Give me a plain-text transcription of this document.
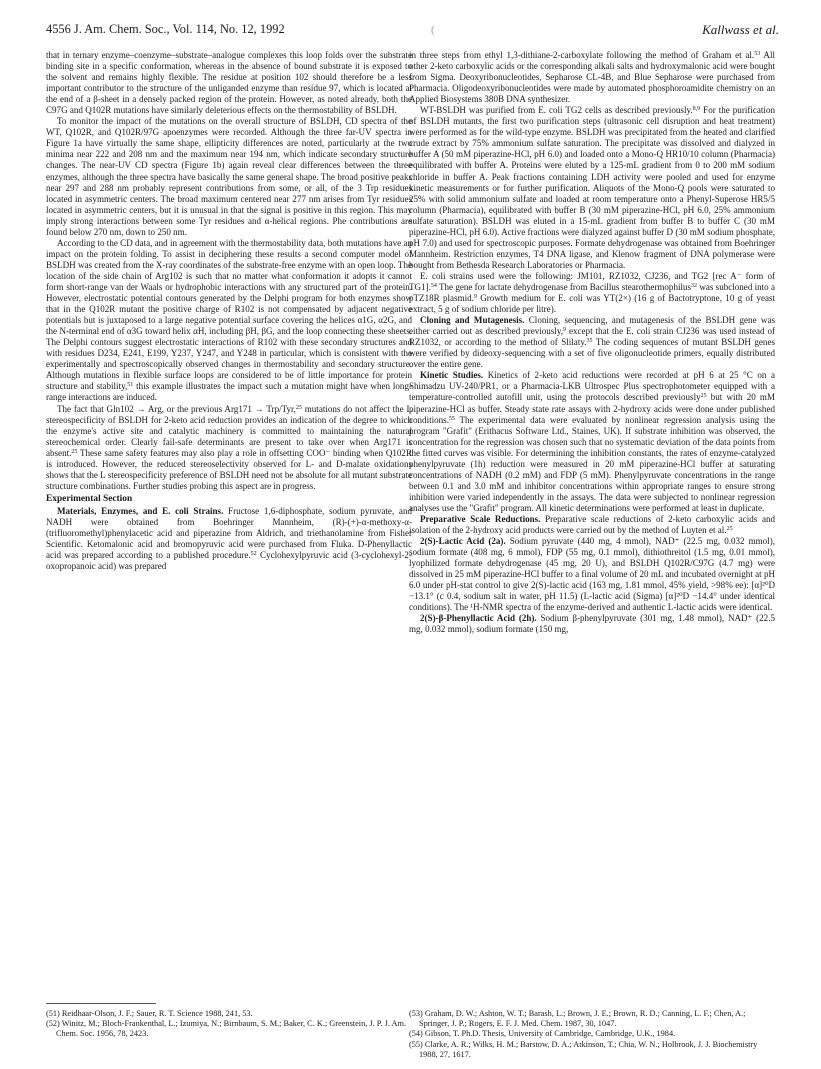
4556 J. Am. Chem. Soc., Vol. 114, No. 12, 1992	(	Kallwass et al.

that in ternary enzyme–coenzyme–substrate–analogue complexes this loop folds over the substrate binding site in a specific conformation, whereas in the absence of bound substrate it is exposed to the solvent and remains highly flexible. The residue at position 102 should therefore be a less important contributor to the structure of the unliganded enzyme than residue 97, which is located at the end of a β-sheet in a densely packed region of the protein. However, as noted already, both the C97G and Q102R mutations have similarly deleterious effects on the thermostability of BSLDH.

To monitor the impact of the mutations on the overall structure of BSLDH, CD spectra of the WT, Q102R, and Q102R/97G apoenzymes were recorded. Although the three far-UV spectra in Figure 1a have virtually the same shape, ellipticity differences are noted, particularly at the two minima near 222 and 208 nm and the maximum near 194 nm, which indicate secondary structure changes. The near-UV CD spectra (Figure 1b) again reveal clear differences between the three enzymes, although the three spectra have basically the same general shape. The broad positive peaks near 297 and 288 nm probably represent contributions from some, or all, of the 3 Trp residues located in asymmetric centers. The broad maximum centered near 277 nm arises from Tyr residues located in asymmetric centers, but it is unusual in that the signal is positive in this region. This may imply strong interactions between some Tyr residues and α-helical regions. Phe contributions are found below 270 nm, down to 250 nm.

According to the CD data, and in agreement with the thermostability data, both mutations have an impact on the protein folding. To assist in deciphering these results a second computer model of BSLDH was created from the X-ray coordinates of the substrate-free enzyme with an open loop. The location of the side chain of Arg102 is such that no matter what conformation it adopts it cannot form short-range van der Waals or hydrophobic interactions with any structured part of the protein. However, electrostatic potential contours generated by the Delphi program for both enzymes show that in the Q102R mutant the positive charge of R102 is not compensated by adjacent negative potentials but is juxtaposed to a large negative potential surface covering the helices α1G, α2G, and the N-terminal end of α3G toward helix αH, including βH, βG, and the loop connecting these sheets. The Delphi contours suggest electrostatic interactions of R102 with these secondary structures and with residues D234, E241, E199, Y237, Y247, and Y248 in particular, which is consistent with the experimentally and spectroscopically observed changes in thermostability and secondary structure. Although mutations in flexible surface loops are considered to be of little importance for protein structure and stability,$^{51}$ this example illustrates the impact such a mutation might have when long-range interactions are induced.

The fact that Gln102 → Arg, or the previous Arg171 → Trp/Tyr,$^{25}$ mutations do not affect the L stereospecificity of BSLDH for 2-keto acid reduction provides an indication of the degree to which the enzyme's active site and catalytic machinery is committed to maintaining the natural stereochemical order. Clearly fail-safe determinants are present to take over when Arg171 is absent.$^{25}$ These same safety features may also play a role in offsetting COO⁻ binding when Q102R is introduced. However, the reduced stereoselectivity observed for L- and D-malate oxidations shows that the L stereospecificity preference of BSLDH need not be absolute for all mutant substrate structure combinations. Further studies probing this aspect are in progress.

Experimental Section

Materials, Enzymes, and E. coli Strains. Fructose 1,6-diphosphate, sodium pyruvate, and NADH were obtained from Boehringer Mannheim, (R)-(+)-α-methoxy-α-(trifluoromethyl)phenylacetic acid and piperazine from Aldrich, and triethanolamine from Fisher Scientific. Ketomalonic acid and bromopyruvic acid were purchased from Fluka. D-Phenyllactic acid was prepared according to a published procedure.$^{52}$ Cyclohexylpyruvic acid (3-cyclohexyl-2-oxopropanoic acid) was prepared

in three steps from ethyl 1,3-dithiane-2-carboxylate following the method of Graham et al.$^{53}$ All other 2-keto carboxylic acids or the corresponding alkali salts and hydroxymalonic acid were bought from Sigma. Deoxyribonucleotides, Sepharose CL-4B, and Blue Sepharose were purchased from Pharmacia. Oligodeoxyribonucleotides were made by automated phosphoroamidite chemistry on an Applied Biosystems 380B DNA synthesizer.

WT-BSLDH was purified from E. coli TG2 cells as described previously.$^{8,9}$ For the purification of BSLDH mutants, the first two purification steps (ultrasonic cell disruption and heat treatment) were performed as for the wild-type enzyme. BSLDH was precipitated from the heated and clarified crude extract by 75% ammonium sulfate saturation. The precipitate was dissolved and dialyzed in buffer A (50 mM piperazine-HCl, pH 6.0) and loaded onto a Mono-Q HR10/10 column (Pharmacia) equilibrated with buffer A. Proteins were eluted by a 125-mL gradient from 0 to 200 mM sodium chloride in buffer A. Peak fractions containing LDH activity were pooled and used for enzyme kinetic measurements or for further purification. Aliquots of the Mono-Q pools were saturated to 25% with solid ammonium sulfate and loaded at room temperature onto a Phenyl-Superose HR5/5 column (Pharmacia), equilibrated with buffer B (30 mM piperazine-HCl, pH 6.0, 25% ammonium sulfate saturation). BSLDH was eluted in a 15-mL gradient from buffer B to buffer C (30 mM piperazine-HCl, pH 6.0). Active fractions were dialyzed against buffer D (30 mM sodium phosphate, pH 7.0) and used for spectroscopic purposes. Formate dehydrogenase was obtained from Boehringer Mannheim. Restriction enzymes, T4 DNA ligase, and Klenow fragment of DNA polymerase were bought from Bethesda Research Laboratories or Pharmacia.

E. coli strains used were the following: JM101, RZ1032, CJ236, and TG2 [rec A⁻ form of TG1].$^{54}$ The gene for lactate dehydrogenase from Bacillus stearothermophilus$^{32}$ was subcloned into a pTZ18R plasmid.$^9$ Growth medium for E. coli was YT(2×) (16 g of Bactotryptone, 10 g of yeast extract, 5 g of sodium chloride per litre).

Cloning and Mutagenesis. Cloning, sequencing, and mutagenesis of the BSLDH gene was either carried out as described previously,$^9$ except that the E. coli strain CJ236 was used instead of RZ1032, or according to the method of Slilaty.$^{35}$ The coding sequences of mutant BSLDH genes were verified by dideoxy-sequencing with a set of five oligonucleotide primers, equally distributed over the entire gene.

Kinetic Studies. Kinetics of 2-keto acid reductions were recorded at pH 6 at 25 °C on a Shimadzu UV-240/PR1, or a Pharmacia-LKB Ultrospec Plus spectrophotometer equipped with a temperature-controlled autofill unit, using the protocols described previously$^{25}$ but with 20 mM piperazine-HCl as buffer. Steady state rate assays with 2-hydroxy acids were done under published conditions.$^{55}$ The experimental data were evaluated by nonlinear regression analysis using the program "Grafit" (Erithacus Software Ltd., Staines, UK). If substrate inhibition was observed, the concentration for the regression was chosen such that no systematic deviation of the data points from the fitted curves was visible. For determining the inhibition constants, the rates of enzyme-catalyzed phenylpyruvate (1h) reduction were measured in 20 mM piperazine-HCl buffer at saturating concentrations of NADH (0.2 mM) and FDP (5 mM). Phenylpyruvate concentrations in the range between 0.1 and 3.0 mM and inhibitor concentrations within appropriate ranges to ensure strong inhibition were varied independently in the assays. The data were subjected to nonlinear regression analyses use the "Grafit" program. All kinetic determinations were performed at least in duplicate.

Preparative Scale Reductions. Preparative scale reductions of 2-keto carboxylic acids and isolation of the 2-hydroxy acid products were carried out by the method of Luyten et al.$^{25}$

2(S)-Lactic Acid (2a). Sodium pyruvate (440 mg, 4 mmol), NAD⁺ (22.5 mg, 0.032 mmol), sodium formate (408 mg, 6 mmol), FDP (55 mg, 0.1 mmol), dithiothreitol (1.5 mg, 0.01 mmol), lyophilized formate dehydrogenase (45 mg, 20 U), and BSLDH Q102R/C97G (4.7 mg) were dissolved in 25 mM piperazine-HCl buffer to a final volume of 20 mL and incubated overnight at pH 6.0 under pH-stat control to give 2(S)-lactic acid (163 mg, 1.81 mmol, 45% yield, >98% ee): [α]²⁰D −13.1° (c 0.4, sodium salt in water, pH 11.5) (L-lactic acid (Sigma) [α]²⁰D −14.4° under identical conditions). The ¹H-NMR spectra of the enzyme-derived and authentic L-lactic acids were identical.

2(S)-β-Phenyllactic Acid (2h). Sodium β-phenylpyruvate (301 mg, 1.48 mmol), NAD⁺ (22.5 mg, 0.032 mmol), sodium formate (150 mg,

(51) Reidhaar-Olson, J. F.; Sauer, R. T. Science 1988, 241, 53.
(52) Winitz, M.; Bloch-Frankenthal, L.; Izumiya, N.; Birnbaum, S. M.; Baker, C. K.; Greenstein, J. P. J. Am. Chem. Soc. 1956, 78, 2423.
(53) Graham, D. W.; Ashton, W. T.; Barash, L.; Brown, J. E.; Brown, R. D.; Canning, L. F.; Chen, A.; Springer, J. P.; Rogers, E. F. J. Med. Chem. 1987, 30, 1047.
(54) Gibson, T. Ph.D. Thesis, University of Cambridge, Cambridge, U.K., 1984.
(55) Clarke, A. R.; Wilks, H. M.; Barstow, D. A.; Atkinson, T.; Chia, W. N.; Holbrook, J. J. Biochemistry 1988, 27, 1617.
